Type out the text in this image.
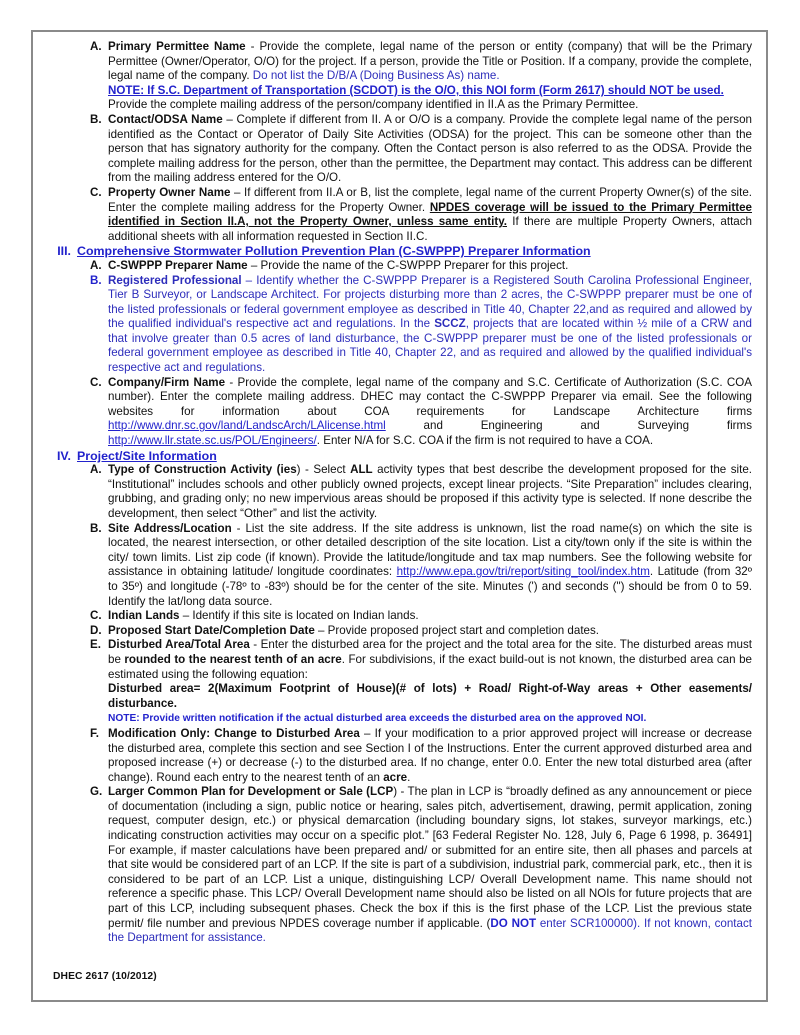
A. Primary Permittee Name - Provide the complete, legal name of the person or entity (company) that will be the Primary Permittee (Owner/Operator, O/O) for the project. If a person, provide the Title or Position. If a company, provide the complete, legal name of the company. Do not list the D/B/A (Doing Business As) name.
NOTE: If S.C. Department of Transportation (SCDOT) is the O/O, this NOI form (Form 2617) should NOT be used.
Provide the complete mailing address of the person/company identified in II.A as the Primary Permittee.
B. Contact/ODSA Name – Complete if different from II. A or O/O is a company. Provide the complete legal name of the person identified as the Contact or Operator of Daily Site Activities (ODSA) for the project. This can be someone other than the person that has signatory authority for the company. Often the Contact person is also referred to as the ODSA. Provide the complete mailing address for the person, other than the permittee, the Department may contact. This address can be different from the mailing address entered for the O/O.
C. Property Owner Name – If different from II.A or B, list the complete, legal name of the current Property Owner(s) of the site. Enter the complete mailing address for the Property Owner. NPDES coverage will be issued to the Primary Permittee identified in Section II.A, not the Property Owner, unless same entity. If there are multiple Property Owners, attach additional sheets with all information requested in Section II.C.
III. Comprehensive Stormwater Pollution Prevention Plan (C-SWPPP) Preparer Information
A. C-SWPPP Preparer Name – Provide the name of the C-SWPPP Preparer for this project.
B. Registered Professional – Identify whether the C-SWPPP Preparer is a Registered South Carolina Professional Engineer, Tier B Surveyor, or Landscape Architect. For projects disturbing more than 2 acres, the C-SWPPP preparer must be one of the listed professionals or federal government employee as described in Title 40, Chapter 22,and as required and allowed by the qualified individual's respective act and regulations. In the SCCZ, projects that are located within ½ mile of a CRW and that involve greater than 0.5 acres of land disturbance, the C-SWPPP preparer must be one of the listed professionals or federal government employee as described in Title 40, Chapter 22, and as required and allowed by the qualified individual's respective act and regulations.
C. Company/Firm Name - Provide the complete, legal name of the company and S.C. Certificate of Authorization (S.C. COA number). Enter the complete mailing address. DHEC may contact the C-SWPPP Preparer via email. See the following websites for information about COA requirements for Landscape Architecture firms http://www.dnr.sc.gov/land/LandscArch/LAlicense.html and Engineering and Surveying firms http://www.llr.state.sc.us/POL/Engineers/. Enter N/A for S.C. COA if the firm is not required to have a COA.
IV. Project/Site Information
A. Type of Construction Activity (ies) - Select ALL activity types that best describe the development proposed for the site. “Institutional” includes schools and other publicly owned projects, except linear projects. “Site Preparation” includes clearing, grubbing, and grading only; no new impervious areas should be proposed if this activity type is selected. If none describe the development, then select “Other” and list the activity.
B. Site Address/Location - List the site address. If the site address is unknown, list the road name(s) on which the site is located, the nearest intersection, or other detailed description of the site location. List a city/town only if the site is within the city/ town limits. List zip code (if known). Provide the latitude/longitude and tax map numbers. See the following website for assistance in obtaining latitude/ longitude coordinates: http://www.epa.gov/tri/report/siting_tool/index.htm. Latitude (from 32º to 35º) and longitude (-78º to -83º) should be for the center of the site. Minutes (') and seconds (") should be from 0 to 59. Identify the lat/long data source.
C. Indian Lands – Identify if this site is located on Indian lands.
D. Proposed Start Date/Completion Date – Provide proposed project start and completion dates.
E. Disturbed Area/Total Area - Enter the disturbed area for the project and the total area for the site. The disturbed areas must be rounded to the nearest tenth of an acre. For subdivisions, if the exact build-out is not known, the disturbed area can be estimated using the following equation:
Disturbed area= 2(Maximum Footprint of House)(# of lots) + Road/ Right-of-Way areas + Other easements/ disturbance.
NOTE: Provide written notification if the actual disturbed area exceeds the disturbed area on the approved NOI.
F. Modification Only: Change to Disturbed Area – If your modification to a prior approved project will increase or decrease the disturbed area, complete this section and see Section I of the Instructions. Enter the current approved disturbed area and proposed increase (+) or decrease (-) to the disturbed area. If no change, enter 0.0. Enter the new total disturbed area (after change). Round each entry to the nearest tenth of an acre.
G. Larger Common Plan for Development or Sale (LCP) - The plan in LCP is “broadly defined as any announcement or piece of documentation (including a sign, public notice or hearing, sales pitch, advertisement, drawing, permit application, zoning request, computer design, etc.) or physical demarcation (including boundary signs, lot stakes, surveyor markings, etc.) indicating construction activities may occur on a specific plot.” [63 Federal Register No. 128, July 6, Page 6 1998, p. 36491] For example, if master calculations have been prepared and/ or submitted for an entire site, then all phases and parcels at that site would be considered part of an LCP. If the site is part of a subdivision, industrial park, commercial park, etc., then it is considered to be part of an LCP. List a unique, distinguishing LCP/ Overall Development name. This name should not reference a specific phase. This LCP/ Overall Development name should also be listed on all NOIs for future projects that are part of this LCP, including subsequent phases. Check the box if this is the first phase of the LCP. List the previous state permit/ file number and previous NPDES coverage number if applicable. (DO NOT enter SCR100000). If not known, contact the Department for assistance.
DHEC 2617 (10/2012)
